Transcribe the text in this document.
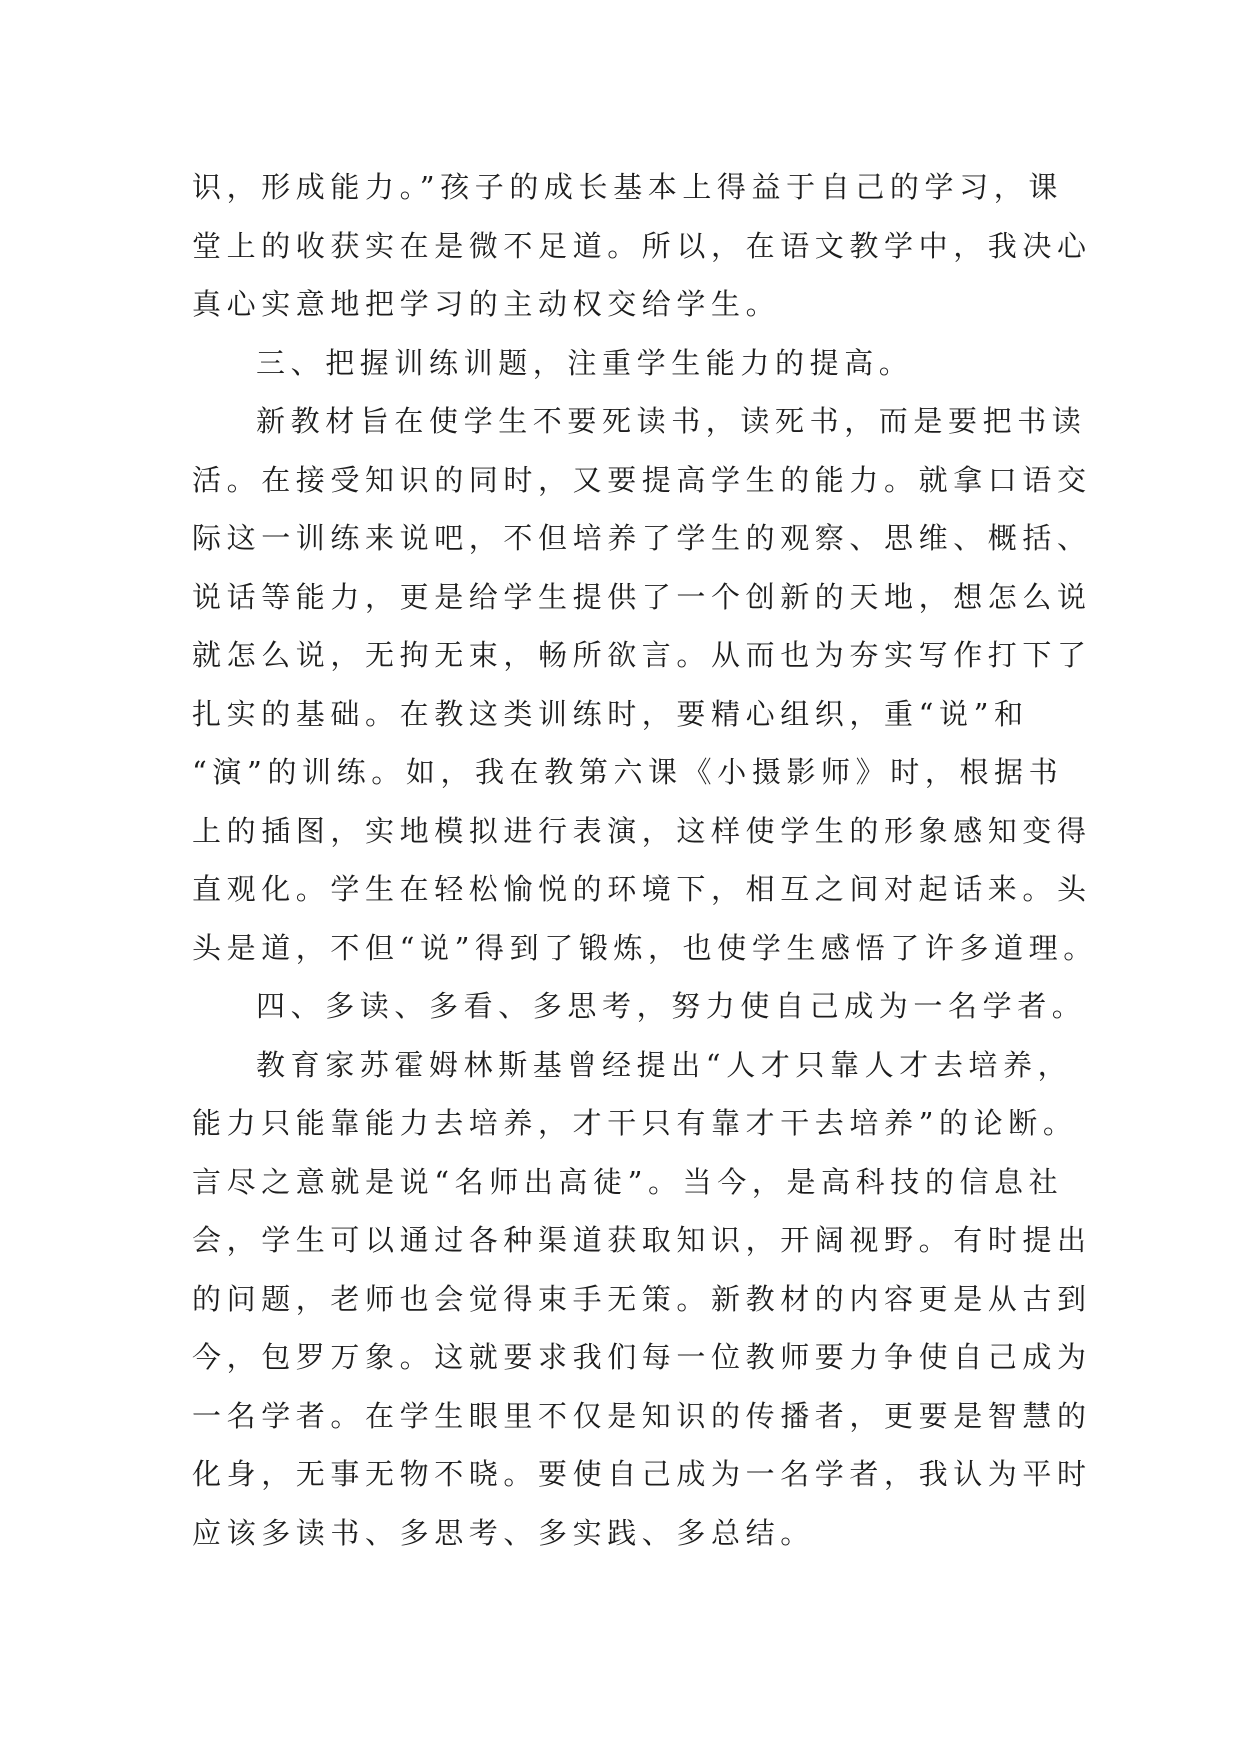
识，形成能力。”孩子的成长基本上得益于自己的学习，课
堂上的收获实在是微不足道。所以，在语文教学中，我决心
真心实意地把学习的主动权交给学生。
三、把握训练训题，注重学生能力的提高。
新教材旨在使学生不要死读书，读死书，而是要把书读
活。在接受知识的同时，又要提高学生的能力。就拿口语交
际这一训练来说吧，不但培养了学生的观察、思维、概括、
说话等能力，更是给学生提供了一个创新的天地，想怎么说
就怎么说，无拘无束，畅所欲言。从而也为夯实写作打下了
扎实的基础。在教这类训练时，要精心组织，重“说”和
“演”的训练。如，我在教第六课《小摄影师》时，根据书
上的插图，实地模拟进行表演，这样使学生的形象感知变得
直观化。学生在轻松愉悦的环境下，相互之间对起话来。头
头是道，不但“说”得到了锻炼，也使学生感悟了许多道理。
四、多读、多看、多思考，努力使自己成为一名学者。
教育家苏霍姆林斯基曾经提出“人才只靠人才去培养，
能力只能靠能力去培养，才干只有靠才干去培养”的论断。
言尽之意就是说“名师出高徒”。当今，是高科技的信息社
会，学生可以通过各种渠道获取知识，开阔视野。有时提出
的问题，老师也会觉得束手无策。新教材的内容更是从古到
今，包罗万象。这就要求我们每一位教师要力争使自己成为
一名学者。在学生眼里不仅是知识的传播者，更要是智慧的
化身，无事无物不晓。要使自己成为一名学者，我认为平时
应该多读书、多思考、多实践、多总结。
